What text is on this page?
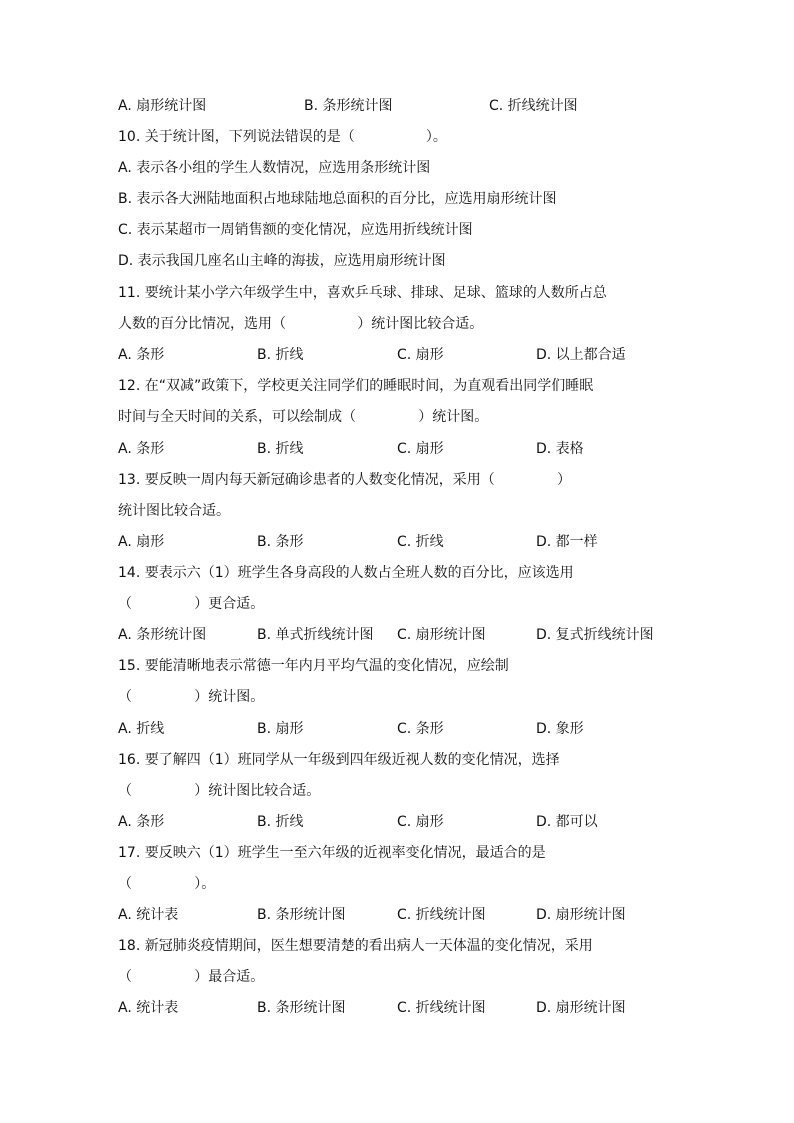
A. 扇形统计图	B. 条形统计图	C. 折线统计图
10. 关于统计图，下列说法错误的是（                ）。
A. 表示各小组的学生人数情况，应选用条形统计图
B. 表示各大洲陆地面积占地球陆地总面积的百分比，应选用扇形统计图
C. 表示某超市一周销售额的变化情况，应选用折线统计图
D. 表示我国几座名山主峰的海拔，应选用扇形统计图
11. 要统计某小学六年级学生中，喜欢乒乓球、排球、足球、篮球的人数所占总
人数的百分比情况，选用（                ）统计图比较合适。
A. 条形	B. 折线	C. 扇形	D. 以上都合适
12. 在“双减”政策下，学校更关注同学们的睡眠时间，为直观看出同学们睡眠
时间与全天时间的关系，可以绘制成（              ）统计图。
A. 条形	B. 折线	C. 扇形	D. 表格
13. 要反映一周内每天新冠确诊患者的人数变化情况，采用（              ）
统计图比较合适。
A. 扇形	B. 条形	C. 折线	D. 都一样
14. 要表示六（1）班学生各身高段的人数占全班人数的百分比，应该选用
（              ）更合适。
A. 条形统计图	B. 单式折线统计图 C. 扇形统计图	D. 复式折线统计图
15. 要能清晰地表示常德一年内月平均气温的变化情况，应绘制
（              ）统计图。
A. 折线	B. 扇形	C. 条形	D. 象形
16. 要了解四（1）班同学从一年级到四年级近视人数的变化情况，选择
（              ）统计图比较合适。
A. 条形	B. 折线	C. 扇形	D. 都可以
17. 要反映六（1）班学生一至六年级的近视率变化情况，最适合的是
（              ）。
A. 统计表	B. 条形统计图	C. 折线统计图	D. 扇形统计图
18. 新冠肺炎疫情期间，医生想要清楚的看出病人一天体温的变化情况，采用
（              ）最合适。
A. 统计表	B. 条形统计图	C. 折线统计图	D. 扇形统计图
